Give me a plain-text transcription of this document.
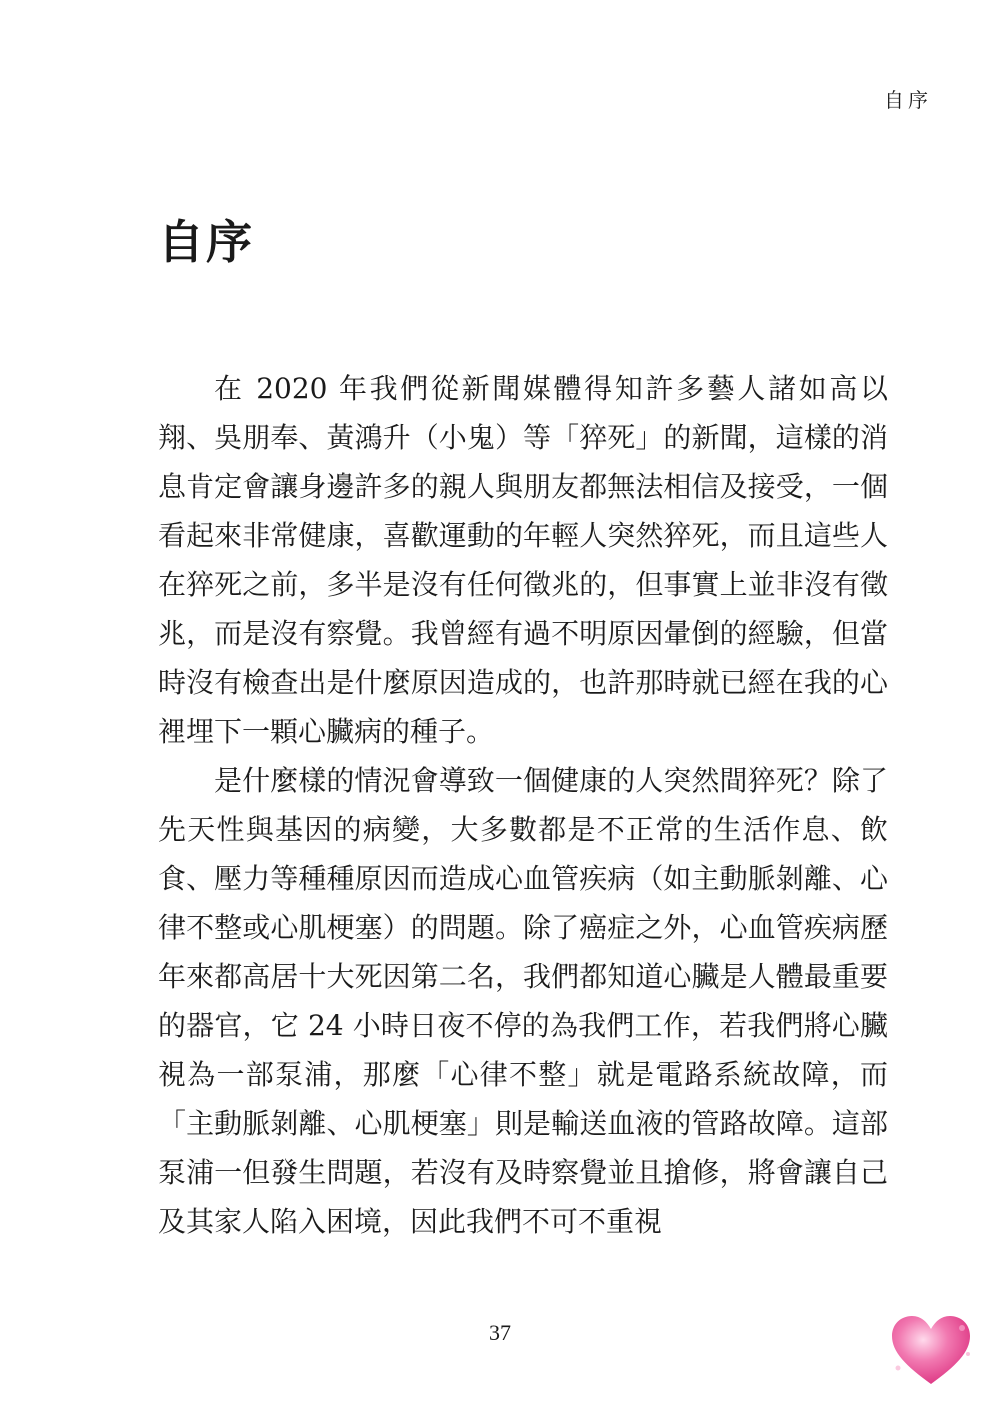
自序
自序

在 2020 年我們從新聞媒體得知許多藝人諸如高以翔、吳朋奉、黃鴻升（小鬼）等「猝死」的新聞，這樣的消息肯定會讓身邊許多的親人與朋友都無法相信及接受，一個看起來非常健康，喜歡運動的年輕人突然猝死，而且這些人在猝死之前，多半是沒有任何徵兆的，但事實上並非沒有徵兆，而是沒有察覺。我曾經有過不明原因暈倒的經驗，但當時沒有檢查出是什麼原因造成的，也許那時就已經在我的心裡埋下一顆心臟病的種子。

是什麼樣的情況會導致一個健康的人突然間猝死？除了先天性與基因的病變，大多數都是不正常的生活作息、飲食、壓力等種種原因而造成心血管疾病（如主動脈剝離、心律不整或心肌梗塞）的問題。除了癌症之外，心血管疾病歷年來都高居十大死因第二名，我們都知道心臟是人體最重要的器官，它 24 小時日夜不停的為我們工作，若我們將心臟視為一部泵浦，那麼「心律不整」就是電路系統故障，而「主動脈剝離、心肌梗塞」則是輸送血液的管路故障。這部泵浦一但發生問題，若沒有及時察覺並且搶修，將會讓自己及其家人陷入困境，因此我們不可不重視

37
